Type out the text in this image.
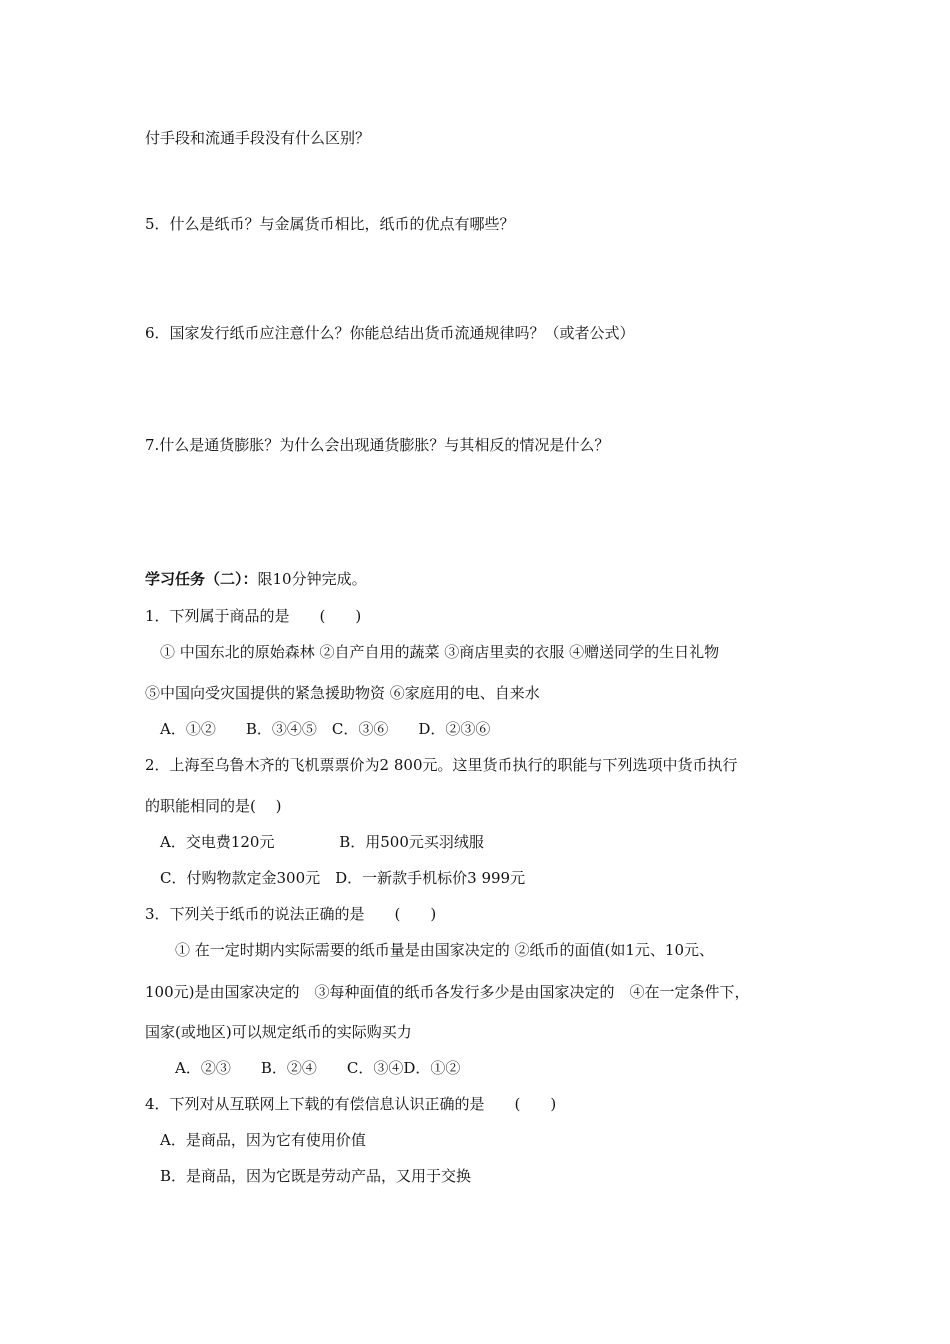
付手段和流通手段没有什么区别？
5．什么是纸币？与金属货币相比，纸币的优点有哪些？
6．国家发行纸币应注意什么？你能总结出货币流通规律吗？（或者公式）
7.什么是通货膨胀？为什么会出现通货膨胀？与其相反的情况是什么？
学习任务（二）：限10分钟完成。
1．下列属于商品的是　　(　　)
　① 中国东北的原始森林 ②自产自用的蔬菜 ③商店里卖的衣服 ④赠送同学的生日礼物
⑤中国向受灾国提供的紧急援助物资 ⑥家庭用的电、自来水
　A．①②　　B．③④⑤　C．③⑥　　D．②③⑥
2．上海至乌鲁木齐的飞机票票价为2 800元。这里货币执行的职能与下列选项中货币执行
的职能相同的是(　 )
　A．交电费120元　　　　 B．用500元买羽绒服
　C．付购物款定金300元　D．一新款手机标价3 999元
3．下列关于纸币的说法正确的是　　(　　)
　　① 在一定时期内实际需要的纸币量是由国家决定的 ②纸币的面值(如1元、10元、
100元)是由国家决定的　③每种面值的纸币各发行多少是由国家决定的　④在一定条件下，
国家(或地区)可以规定纸币的实际购买力
　　A．②③　　B．②④　　C．③④D．①②
4．下列对从互联网上下载的有偿信息认识正确的是　　(　　)
　A．是商品，因为它有使用价值
　B．是商品，因为它既是劳动产品，又用于交换
